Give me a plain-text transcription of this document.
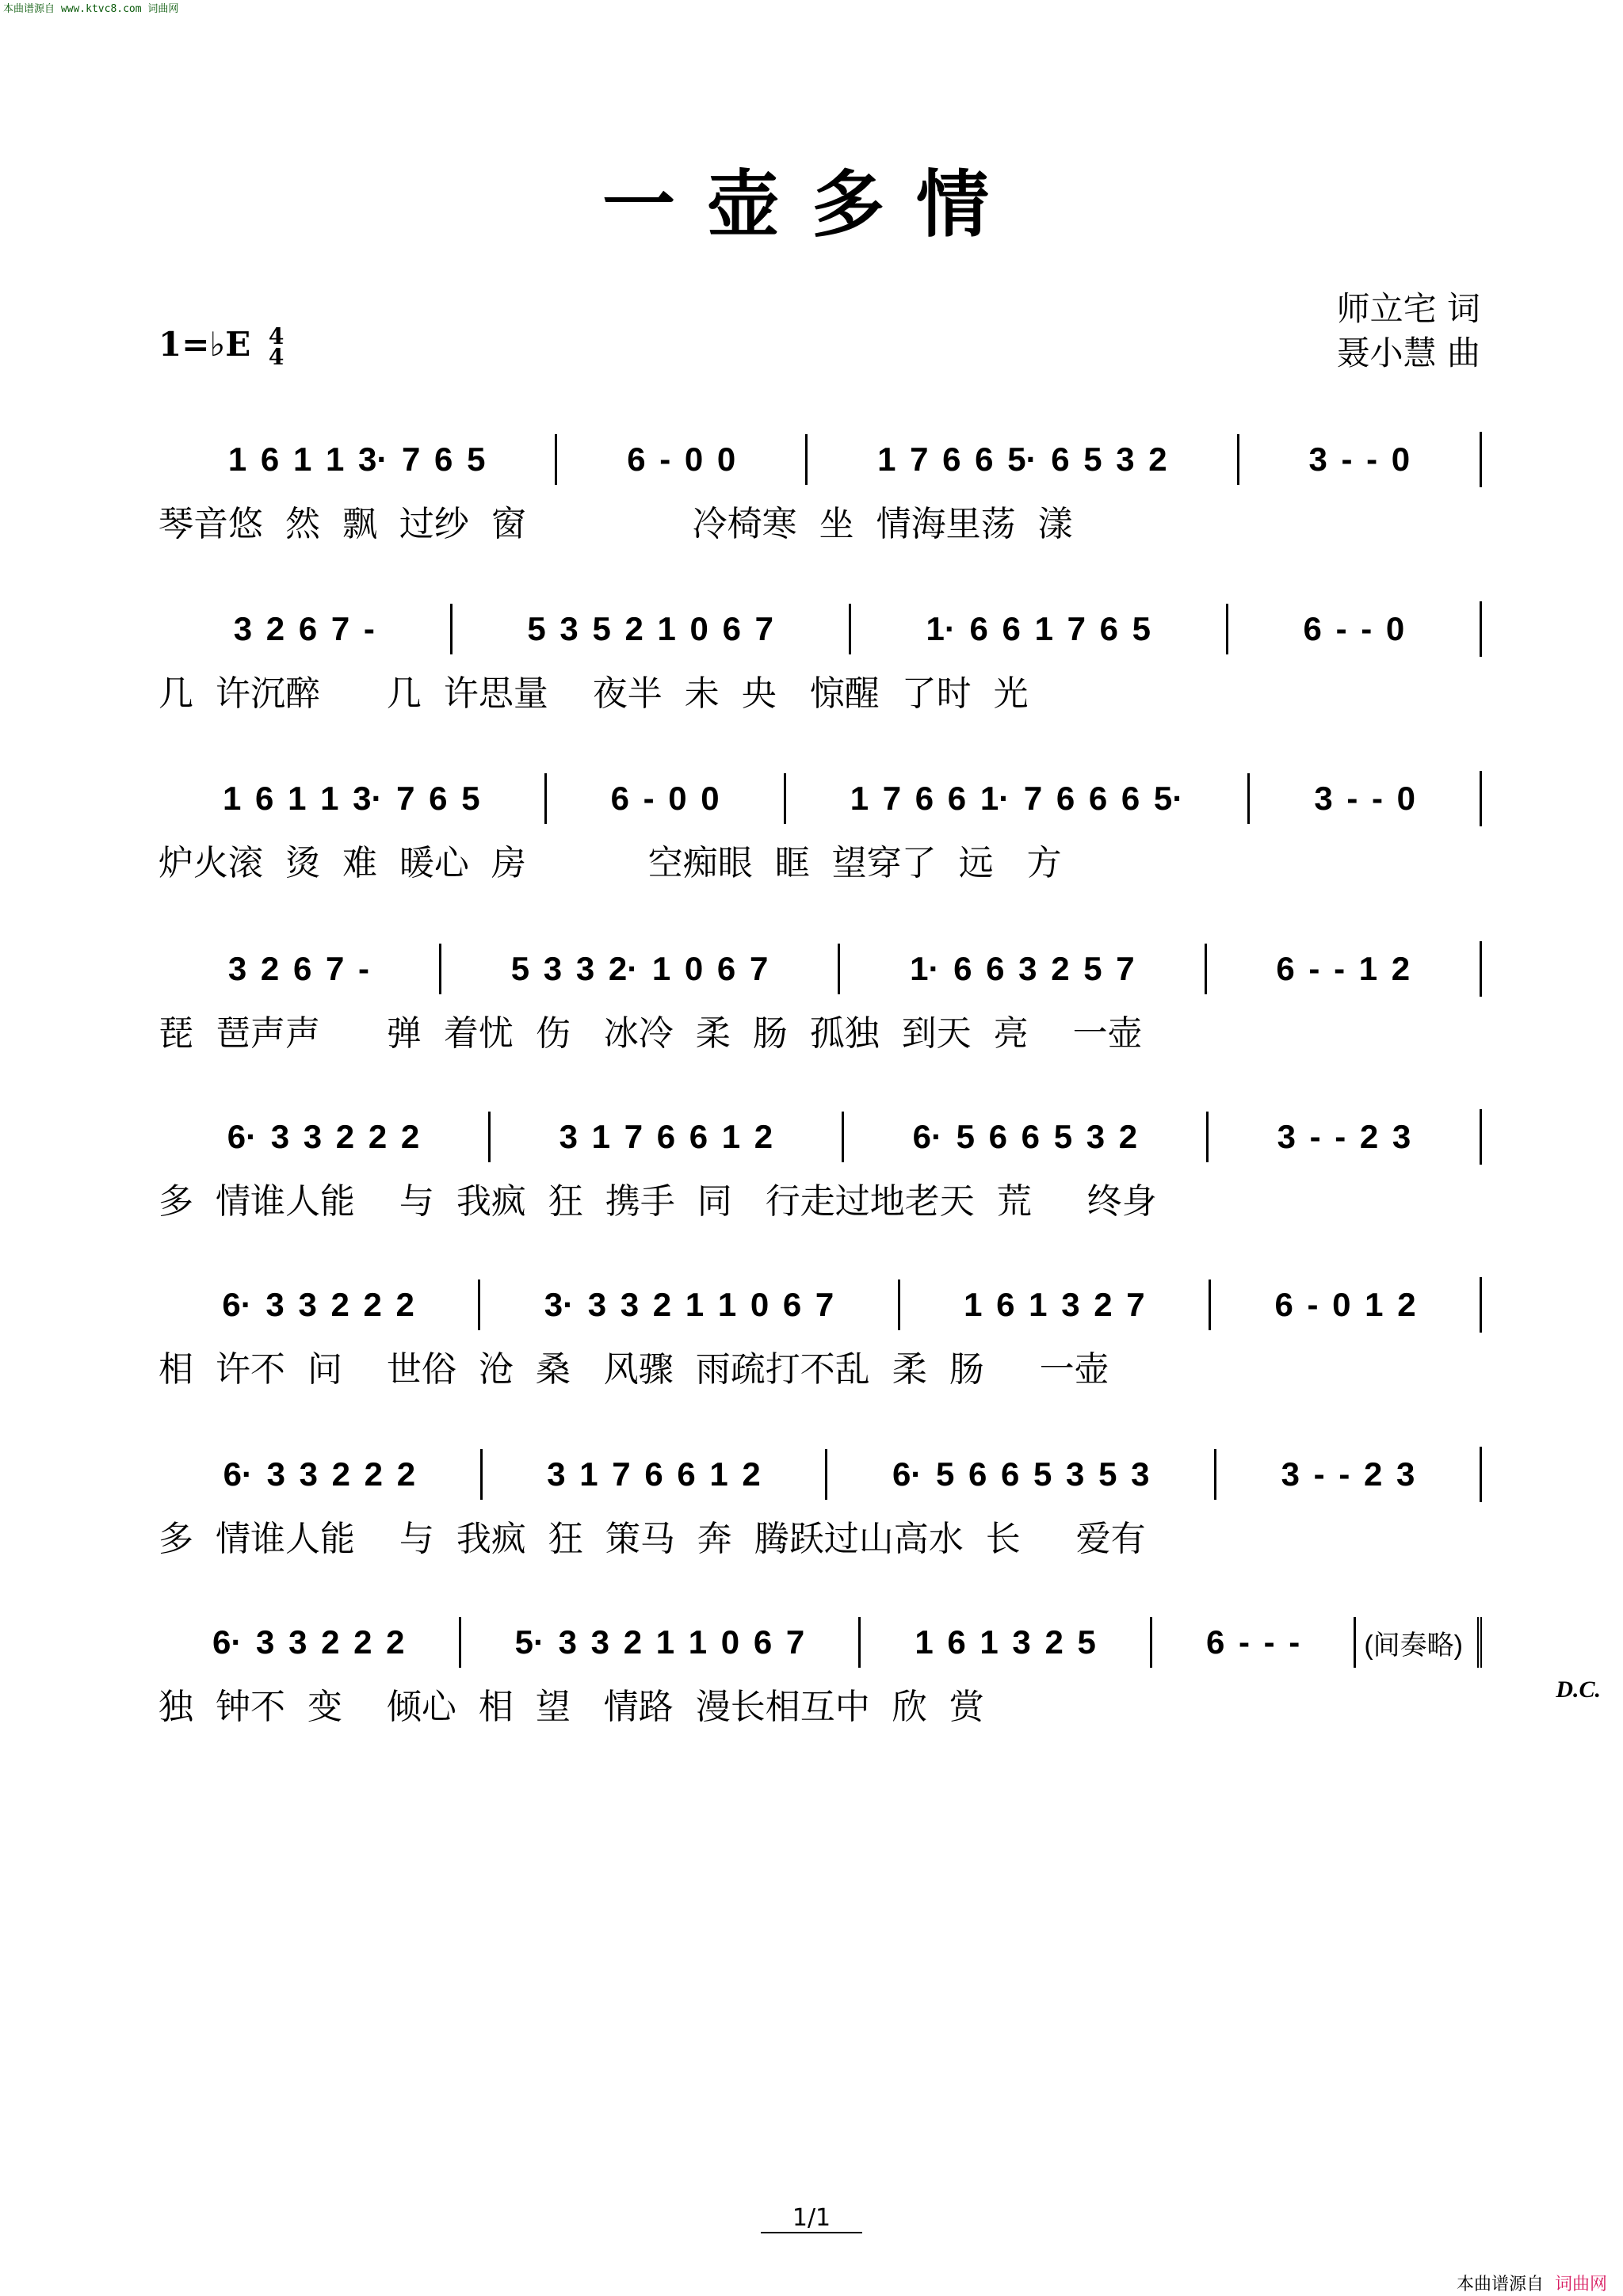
本曲谱源自 www.ktvc8.com 词曲网
一壶多情
师立宅 词
聂小慧 曲
1=♭E 4
4
1 6 1 1 3· 7 6 5	6 - 0 0	1 7 6 6 5· 6 5 3 2	3 - - 0
琴音悠  然  飘  过纱  窗               冷椅寒  坐  情海里荡  漾
3 2 6 7 -	5 3 5 2 1 0 6 7	1· 6 6 1 7 6 5	6 - - 0
几  许沉醉      几  许思量    夜半  未  央   惊醒  了时  光
1 6 1 1 3· 7 6 5	6 - 0 0	1 7 6 6 1· 7 6 6 6 5·	3 - - 0
炉火滚  烫  难  暖心  房           空痴眼  眶  望穿了  远   方
3 2 6 7 -	5 3 3 2· 1 0 6 7	1· 6 6 3 2 5 7	6 - - 1 2
琵  琶声声      弹  着忧  伤   冰冷  柔  肠  孤独  到天  亮    一壶
6· 3 3 2 2 2	3 1 7 6 6 1 2	6· 5 6 6 5 3 2	3 - - 2 3
多  情谁人能    与  我疯  狂  携手  同   行走过地老天  荒     终身
6· 3 3 2 2 2	3· 3 3 2 1 1 0 6 7	1 6 1 3 2 7	6 - 0 1 2
相  许不  问    世俗  沧  桑   风骤  雨疏打不乱  柔  肠     一壶
6· 3 3 2 2 2	3 1 7 6 6 1 2	6· 5 6 6 5 3 5 3	3 - - 2 3
多  情谁人能    与  我疯  狂  策马  奔  腾跃过山高水  长     爱有
6· 3 3 2 2 2	5· 3 3 2 1 1 0 6 7	1 6 1 3 2 5	6 - - -	(间奏略)
独  钟不  变    倾心  相  望   情路  漫长相互中  欣  赏	D.C.
1/1
本曲谱源自 词曲网
